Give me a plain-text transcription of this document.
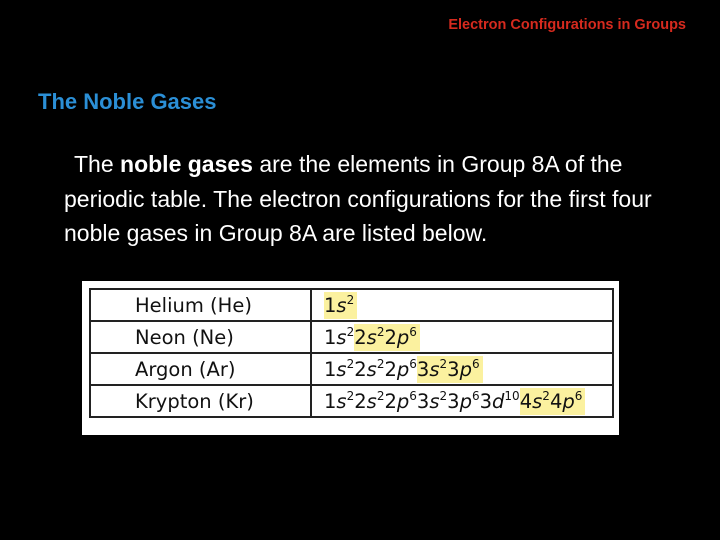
Electron Configurations in Groups
The Noble Gases

The noble gases are the elements in Group 8A of the periodic table. The electron configurations for the first four noble gases in Group 8A are listed below.

Helium (He)	$1s^2$
Neon (Ne)	$1s^22s^22p^6$
Argon (Ar)	$1s^22s^22p^63s^23p^6$
Krypton (Kr)	$1s^22s^22p^63s^23p^63d^{10}4s^24p^6$
